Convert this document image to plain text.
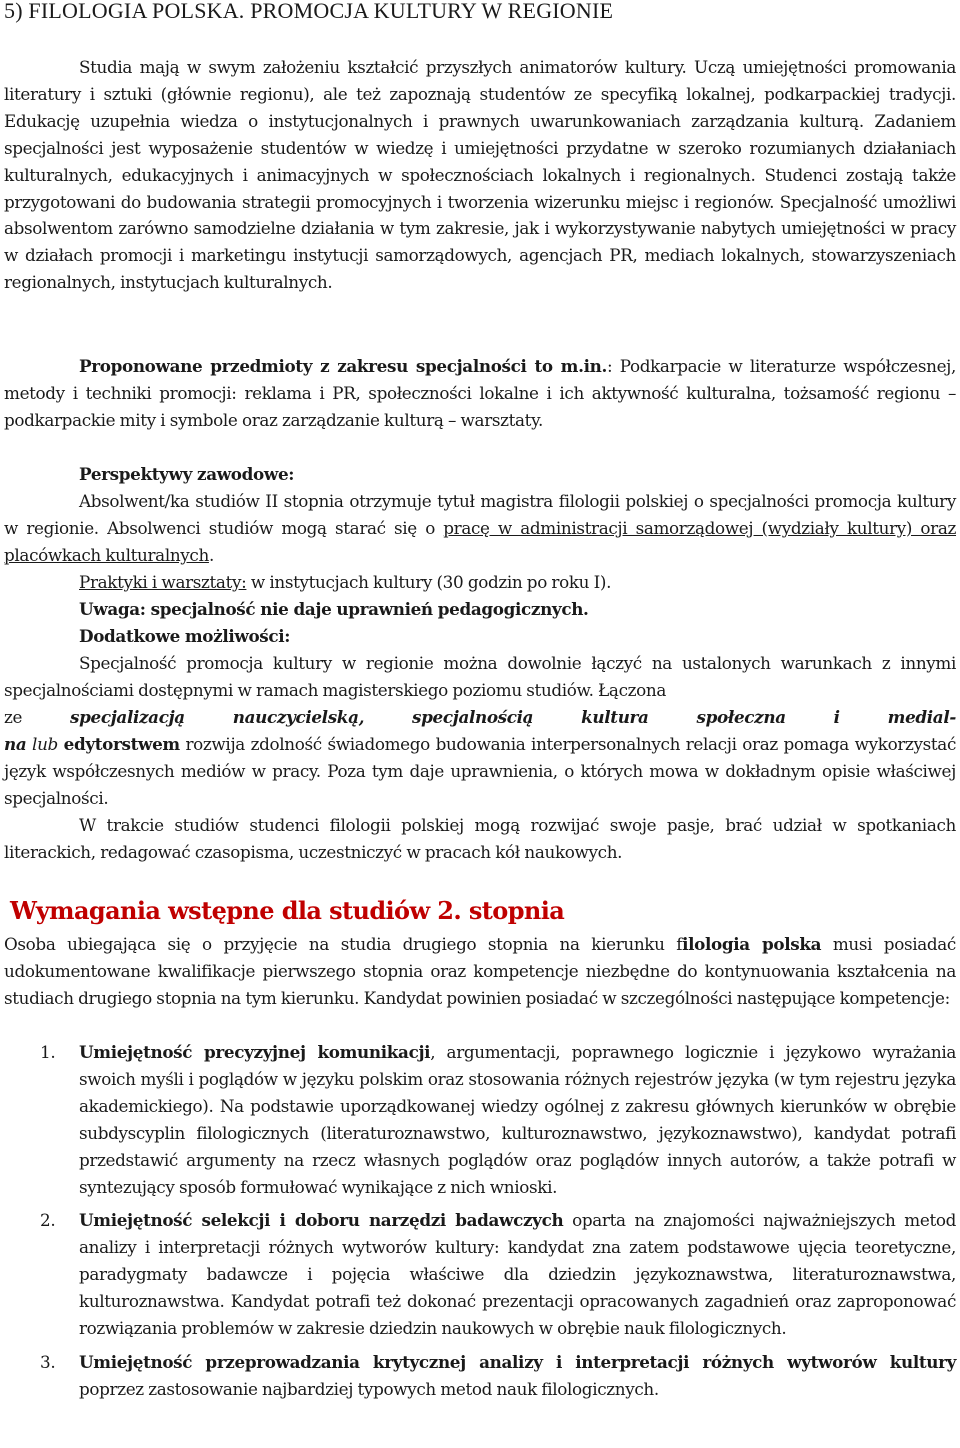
5) FILOLOGIA POLSKA. PROMOCJA KULTURY W REGIONIE

Studia mają w swym założeniu kształcić przyszłych animatorów kultury. Uczą umiejętności promowania literatury i sztuki (głównie regionu), ale też zapoznają studentów ze specyfiką lokalnej, podkarpackiej tradycji. Edukację uzupełnia wiedza o instytucjonalnych i prawnych uwarunkowaniach zarządzania kulturą. Zadaniem specjalności jest wyposażenie studentów w wiedzę i umiejętności przydatne w szeroko rozumianych działaniach kulturalnych, edukacyjnych i animacyjnych w społecznościach lokalnych i regionalnych. Studenci zostają także przygotowani do budowania strategii promocyjnych i tworzenia wizerunku miejsc i regionów. Specjalność umożliwi absolwentom zarówno samodzielne działania w tym zakresie, jak i wykorzystywanie nabytych umiejętności w pracy w działach promocji i marketingu instytucji samorządowych, agencjach PR, mediach lokalnych, stowarzyszeniach regionalnych, instytucjach kulturalnych.

Proponowane przedmioty z zakresu specjalności to m.in.: Podkarpacie w literaturze współczesnej, metody i techniki promocji: reklama i PR, społeczności lokalne i ich aktywność kulturalna, tożsamość regionu – podkarpackie mity i symbole oraz zarządzanie kulturą – warsztaty.

Perspektywy zawodowe:

Absolwent/ka studiów II stopnia otrzymuje tytuł magistra filologii polskiej o specjalności promocja kultury w regionie. Absolwenci studiów mogą starać się o pracę w administracji samorządowej (wydziały kultury) oraz placówkach kulturalnych.

Praktyki i warsztaty: w instytucjach kultury (30 godzin po roku I).

Uwaga: specjalność nie daje uprawnień pedagogicznych.

Dodatkowe możliwości:

Specjalność promocja kultury w regionie można dowolnie łączyć na ustalonych warunkach z innymi specjalnościami dostępnymi w ramach magisterskiego poziomu studiów. Łączona

ze	specjalizacją	nauczycielską,	specjalnością	kultura	społeczna	i	medial-

na lub edytorstwem rozwija zdolność świadomego budowania interpersonalnych relacji oraz pomaga wykorzystać język współczesnych mediów w pracy. Poza tym daje uprawnienia, o których mowa w dokładnym opisie właściwej specjalności.

W trakcie studiów studenci filologii polskiej mogą rozwijać swoje pasje, brać udział w spotkaniach literackich, redagować czasopisma, uczestniczyć w pracach kół naukowych.

Wymagania wstępne dla studiów 2. stopnia

Osoba ubiegająca się o przyjęcie na studia drugiego stopnia na kierunku filologia polska musi posiadać udokumentowane kwalifikacje pierwszego stopnia oraz kompetencje niezbędne do kontynuowania kształcenia na studiach drugiego stopnia na tym kierunku. Kandydat powinien posiadać w szczególności następujące kompetencje:

1. Umiejętność precyzyjnej komunikacji, argumentacji, poprawnego logicznie i językowo wyrażania swoich myśli i poglądów w języku polskim oraz stosowania różnych rejestrów języka (w tym rejestru języka akademickiego). Na podstawie uporządkowanej wiedzy ogólnej z zakresu głównych kierunków w obrębie subdyscyplin filologicznych (literaturoznawstwo, kulturoznawstwo, językoznawstwo), kandydat potrafi przedstawić argumenty na rzecz własnych poglądów oraz poglądów innych autorów, a także potrafi w syntezujący sposób formułować wynikające z nich wnioski.
2. Umiejętność selekcji i doboru narzędzi badawczych oparta na znajomości najważniejszych metod analizy i interpretacji różnych wytworów kultury: kandydat zna zatem podstawowe ujęcia teoretyczne, paradygmaty badawcze i pojęcia właściwe dla dziedzin językoznawstwa, literaturoznawstwa, kulturoznawstwa. Kandydat potrafi też dokonać prezentacji opracowanych zagadnień oraz zaproponować rozwiązania problemów w zakresie dziedzin naukowych w obrębie nauk filologicznych.
3. Umiejętność przeprowadzania krytycznej analizy i interpretacji różnych wytworów kultury poprzez zastosowanie najbardziej typowych metod nauk filologicznych.
